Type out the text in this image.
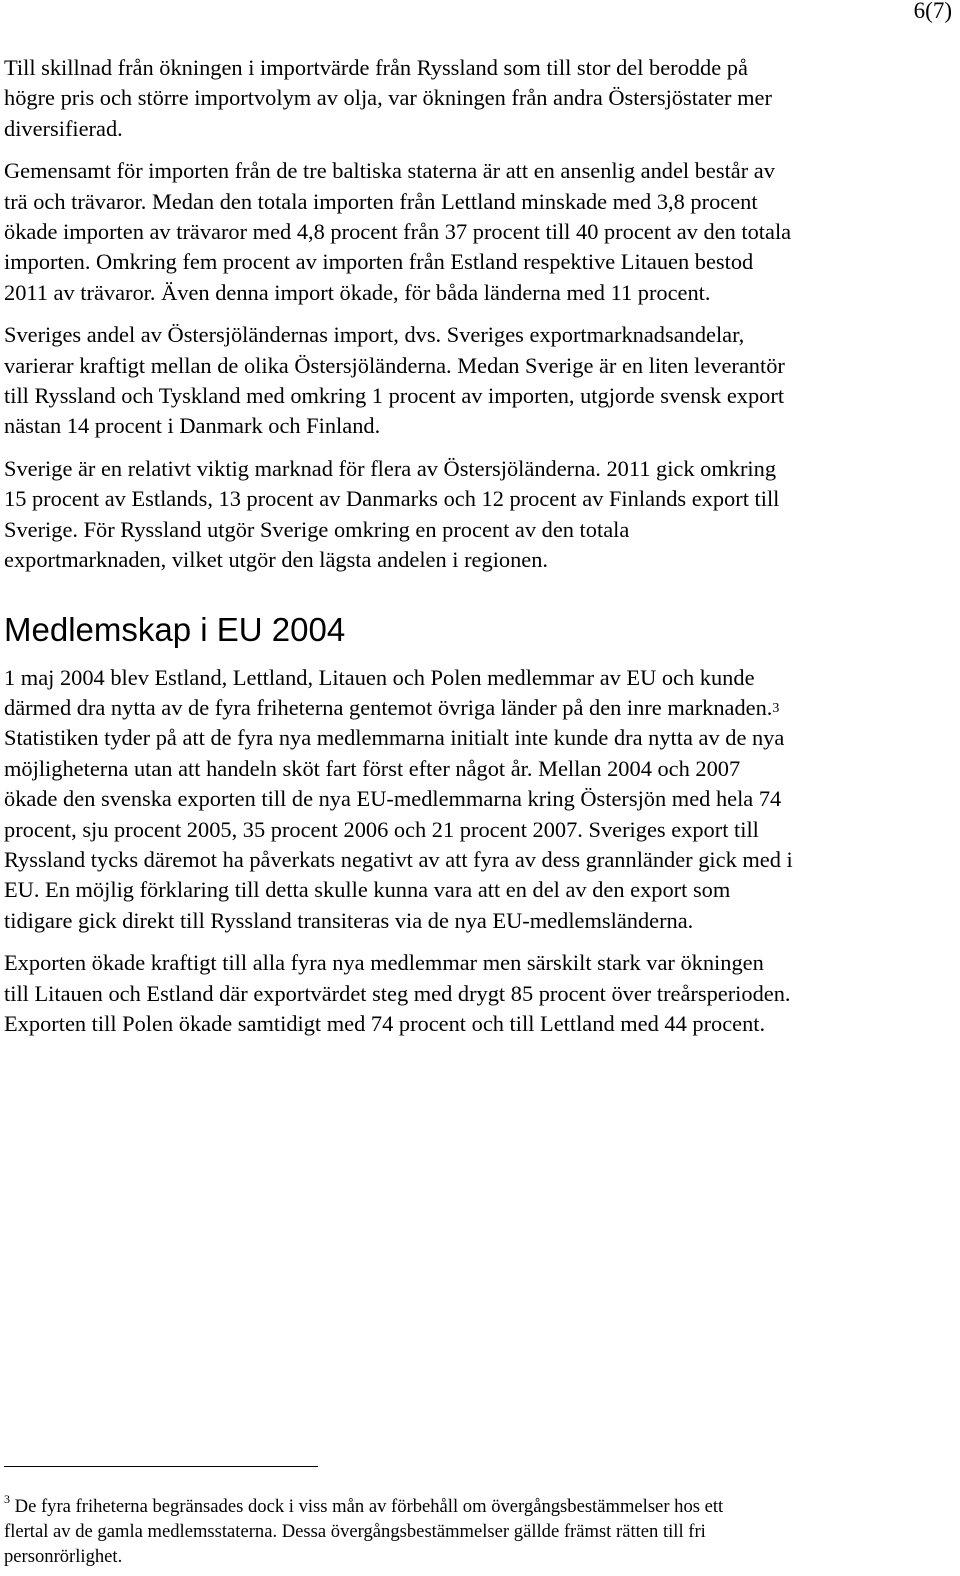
6(7)

Till skillnad från ökningen i importvärde från Ryssland som till stor del berodde på högre pris och större importvolym av olja, var ökningen från andra Östersjöstater mer diversifierad.

Gemensamt för importen från de tre baltiska staterna är att en ansenlig andel består av trä och trävaror. Medan den totala importen från Lettland minskade med 3,8 procent ökade importen av trävaror med 4,8 procent från 37 procent till 40 procent av den totala importen. Omkring fem procent av importen från Estland respektive Litauen bestod 2011 av trävaror. Även denna import ökade, för båda länderna med 11 procent.

Sveriges andel av Östersjöländernas import, dvs. Sveriges exportmarknadsandelar, varierar kraftigt mellan de olika Östersjöländerna. Medan Sverige är en liten leverantör till Ryssland och Tyskland med omkring 1 procent av importen, utgjorde svensk export nästan 14 procent i Danmark och Finland.

Sverige är en relativt viktig marknad för flera av Östersjöländerna. 2011 gick omkring 15 procent av Estlands, 13 procent av Danmarks och 12 procent av Finlands export till Sverige. För Ryssland utgör Sverige omkring en procent av den totala exportmarknaden, vilket utgör den lägsta andelen i regionen.

Medlemskap i EU 2004

1 maj 2004 blev Estland, Lettland, Litauen och Polen medlemmar av EU och kunde därmed dra nytta av de fyra friheterna gentemot övriga länder på den inre marknaden.$^3$ Statistiken tyder på att de fyra nya medlemmarna initialt inte kunde dra nytta av de nya möjligheterna utan att handeln sköt fart först efter något år. Mellan 2004 och 2007 ökade den svenska exporten till de nya EU-medlemmarna kring Östersjön med hela 74 procent, sju procent 2005, 35 procent 2006 och 21 procent 2007. Sveriges export till Ryssland tycks däremot ha påverkats negativt av att fyra av dess grannländer gick med i EU. En möjlig förklaring till detta skulle kunna vara att en del av den export som tidigare gick direkt till Ryssland transiteras via de nya EU-medlemsländerna.

Exporten ökade kraftigt till alla fyra nya medlemmar men särskilt stark var ökningen till Litauen och Estland där exportvärdet steg med drygt 85 procent över treårsperioden. Exporten till Polen ökade samtidigt med 74 procent och till Lettland med 44 procent.

$^3$ De fyra friheterna begränsades dock i viss mån av förbehåll om övergångsbestämmelser hos ett flertal av de gamla medlemsstaterna. Dessa övergångsbestämmelser gällde främst rätten till fri personrörlighet.
